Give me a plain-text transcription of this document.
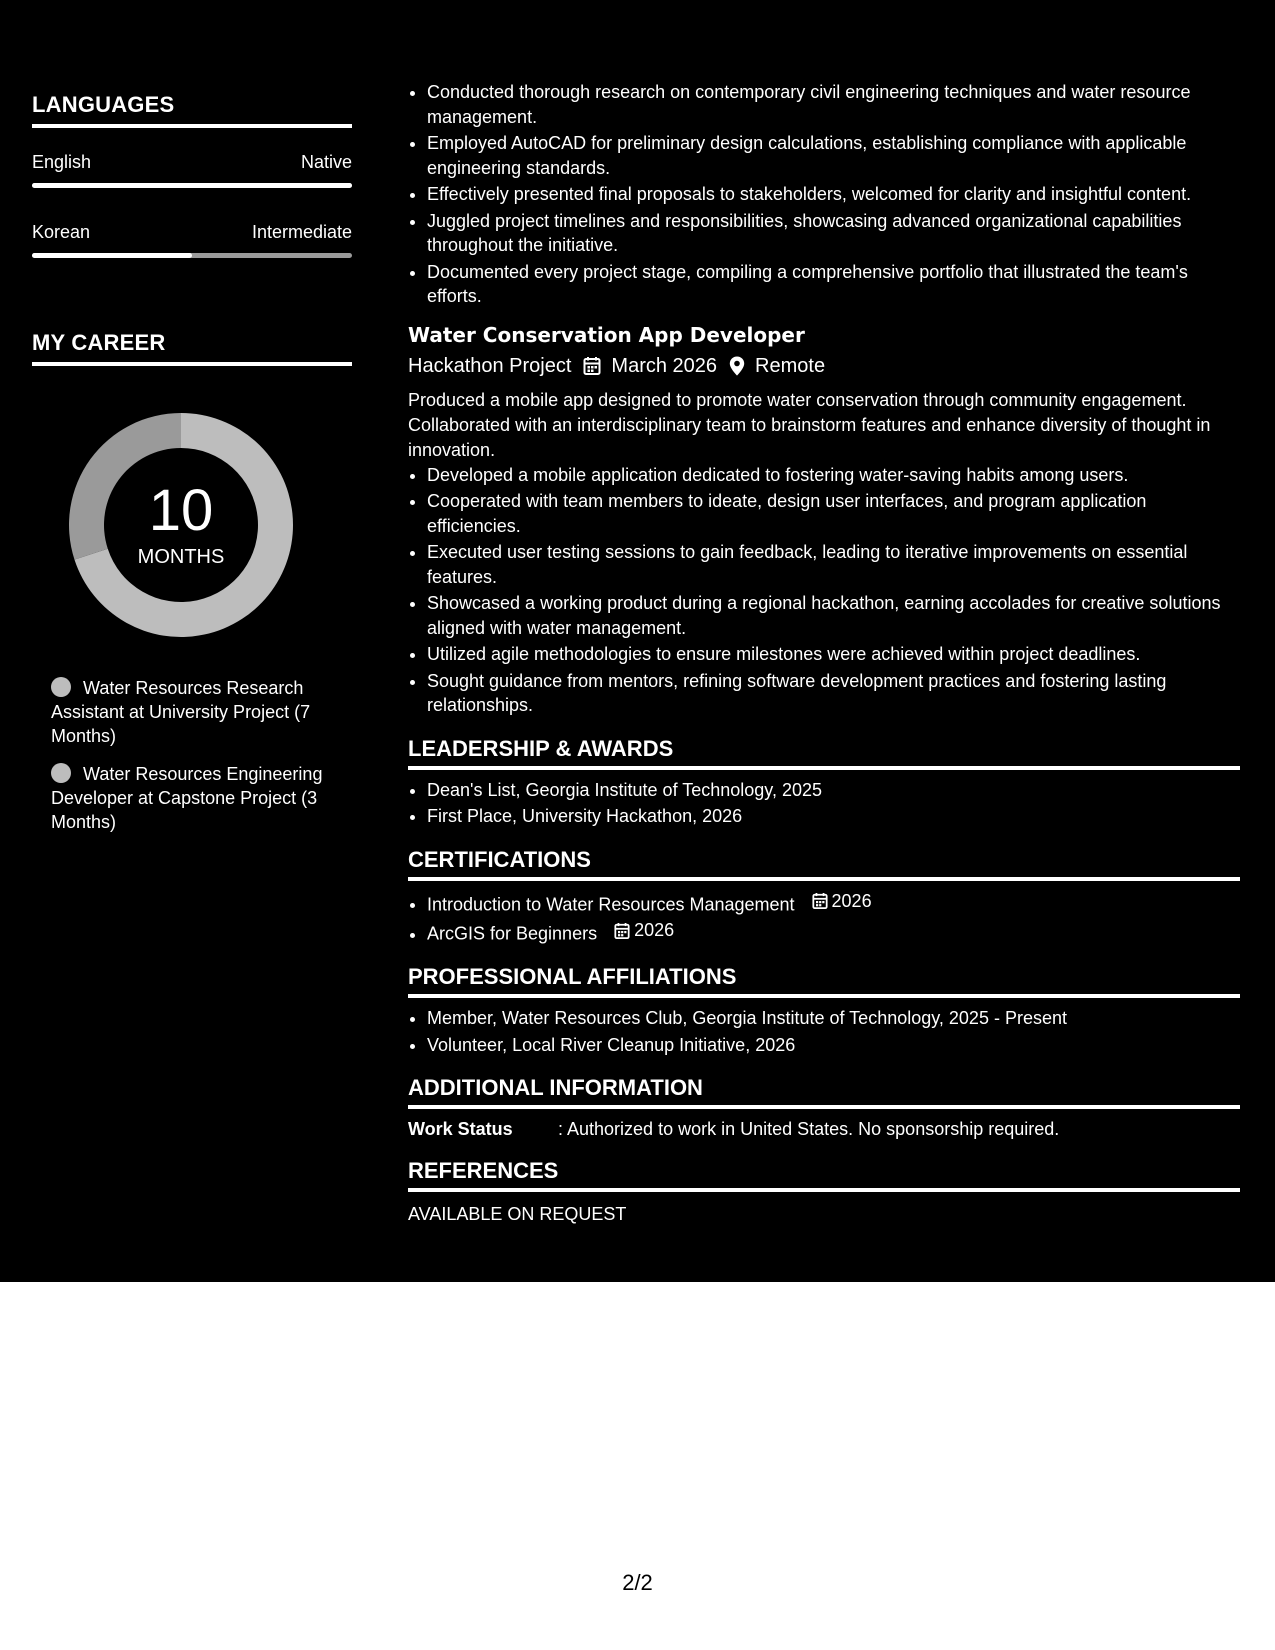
LANGUAGES
English	Native
Korean	Intermediate
MY CAREER
10
MONTHS
Water Resources Research Assistant at University Project (7 Months)
Water Resources Engineering Developer at Capstone Project (3 Months)
• Conducted thorough research on contemporary civil engineering techniques and water resource management.
• Employed AutoCAD for preliminary design calculations, establishing compliance with applicable engineering standards.
• Effectively presented final proposals to stakeholders, welcomed for clarity and insightful content.
• Juggled project timelines and responsibilities, showcasing advanced organizational capabilities throughout the initiative.
• Documented every project stage, compiling a comprehensive portfolio that illustrated the team's efforts.
Water Conservation App Developer
Hackathon Project March 2026 Remote
Produced a mobile app designed to promote water conservation through community engagement. Collaborated with an interdisciplinary team to brainstorm features and enhance diversity of thought in innovation.
• Developed a mobile application dedicated to fostering water-saving habits among users.
• Cooperated with team members to ideate, design user interfaces, and program application efficiencies.
• Executed user testing sessions to gain feedback, leading to iterative improvements on essential features.
• Showcased a working product during a regional hackathon, earning accolades for creative solutions aligned with water management.
• Utilized agile methodologies to ensure milestones were achieved within project deadlines.
• Sought guidance from mentors, refining software development practices and fostering lasting relationships.
LEADERSHIP & AWARDS
• Dean's List, Georgia Institute of Technology, 2025
• First Place, University Hackathon, 2026
CERTIFICATIONS
• Introduction to Water Resources Management 2026
• ArcGIS for Beginners 2026
PROFESSIONAL AFFILIATIONS
• Member, Water Resources Club, Georgia Institute of Technology, 2025 - Present
• Volunteer, Local River Cleanup Initiative, 2026
ADDITIONAL INFORMATION
Work Status	: Authorized to work in United States. No sponsorship required.
REFERENCES
AVAILABLE ON REQUEST
2/2
